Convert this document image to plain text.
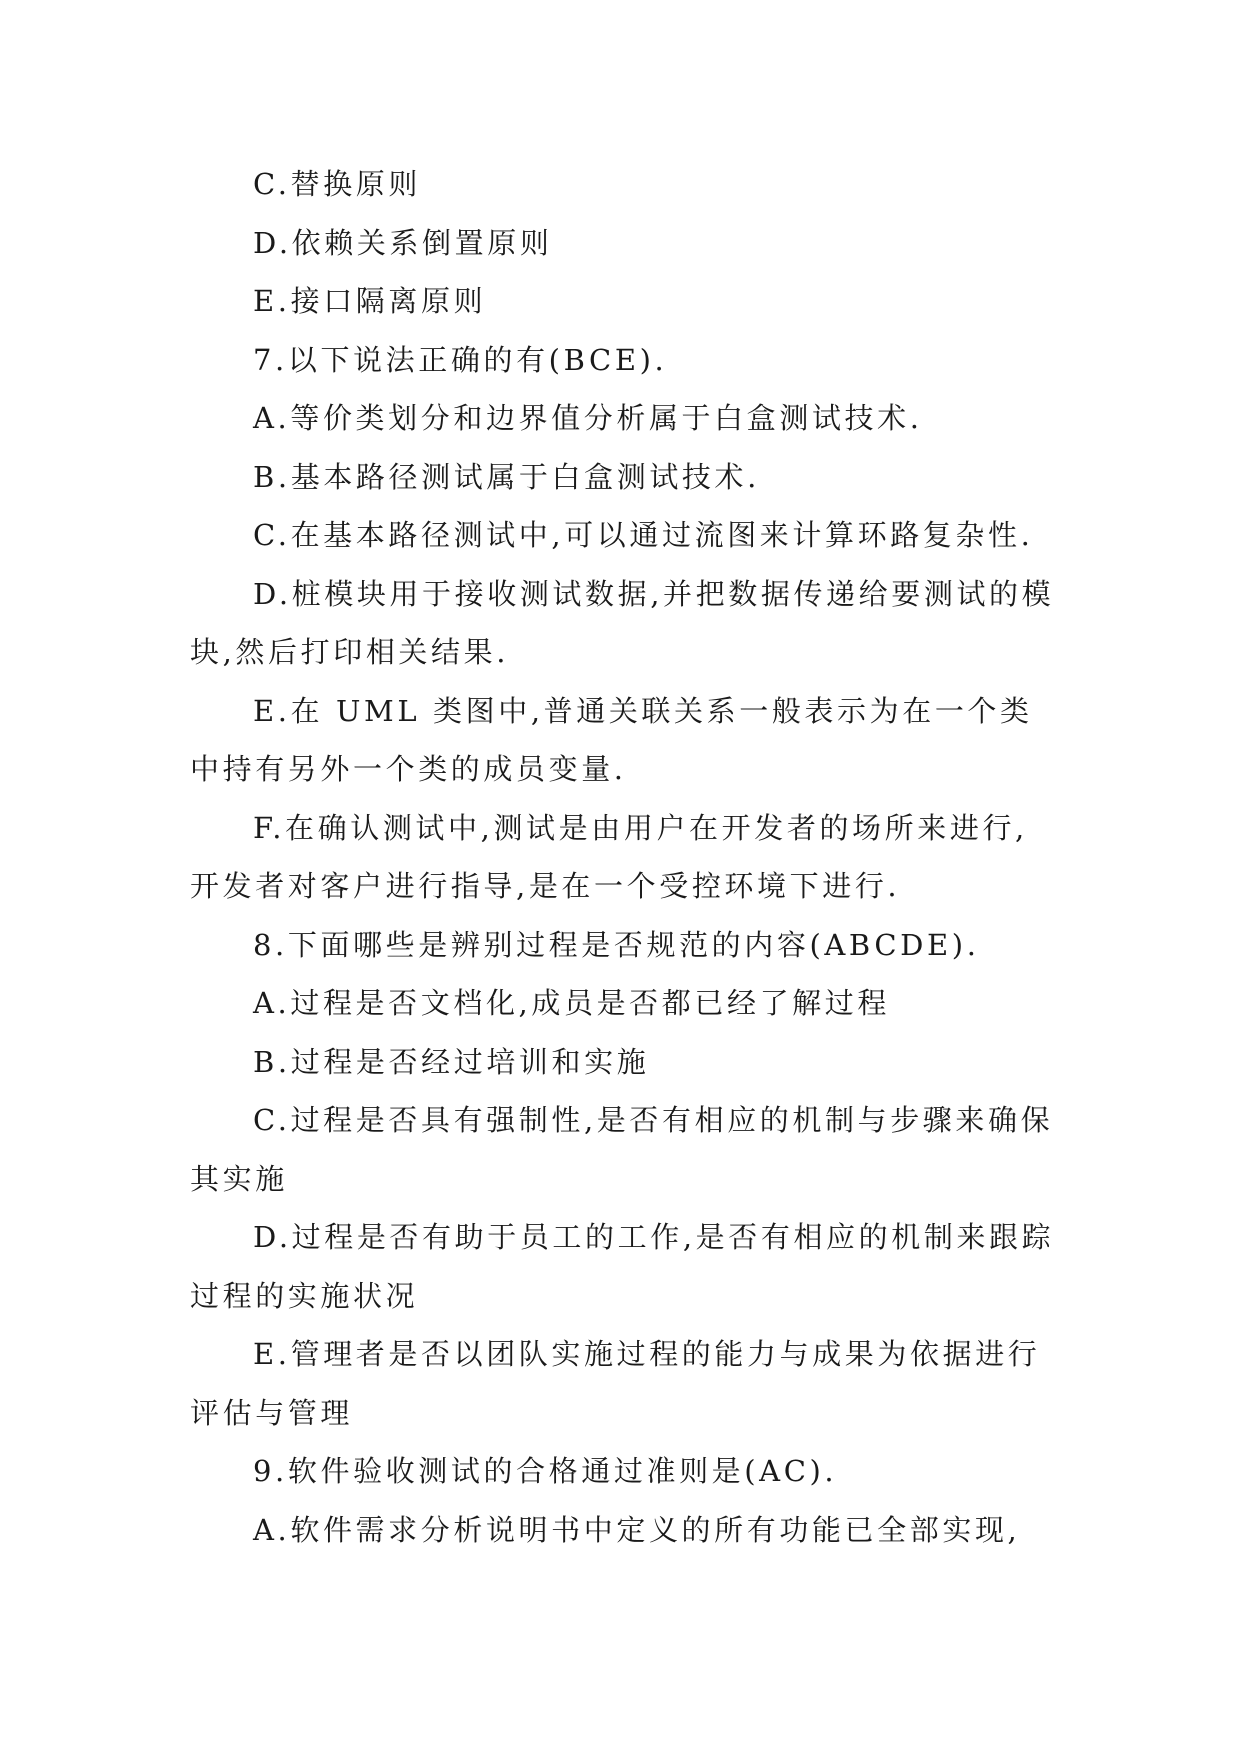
C.替换原则

D.依赖关系倒置原则

E.接口隔离原则

7.以下说法正确的有(BCE).

A.等价类划分和边界值分析属于白盒测试技术.

B.基本路径测试属于白盒测试技术.

C.在基本路径测试中,可以通过流图来计算环路复杂性.

D.桩模块用于接收测试数据,并把数据传递给要测试的模块,然后打印相关结果.

E.在 UML 类图中,普通关联关系一般表示为在一个类中持有另外一个类的成员变量.

F.在确认测试中,测试是由用户在开发者的场所来进行,开发者对客户进行指导,是在一个受控环境下进行.

8.下面哪些是辨别过程是否规范的内容(ABCDE).

A.过程是否文档化,成员是否都已经了解过程

B.过程是否经过培训和实施

C.过程是否具有强制性,是否有相应的机制与步骤来确保其实施

D.过程是否有助于员工的工作,是否有相应的机制来跟踪过程的实施状况

E.管理者是否以团队实施过程的能力与成果为依据进行评估与管理

9.软件验收测试的合格通过准则是(AC).

A.软件需求分析说明书中定义的所有功能已全部实现,
